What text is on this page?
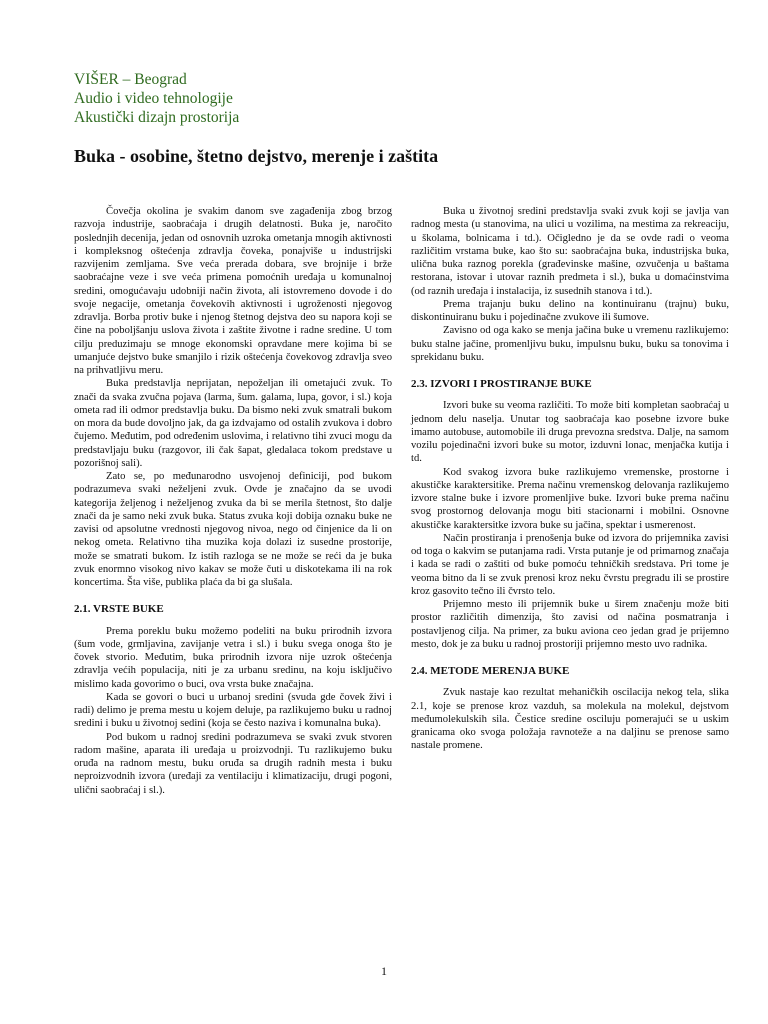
VIŠER – Beograd
Audio i video tehnologije
Akustički dizajn prostorija
Buka - osobine, štetno dejstvo, merenje i zaštita

Čovečja okolina je svakim danom sve zagađenija zbog brzog razvoja industrije, saobraćaja i drugih delatnosti. Buka je, naročito poslednjih decenija, jedan od osnovnih uzroka ometanja mnogih aktivnosti i kompleksnog oštećenja zdravlja čoveka, ponajviše u industrijski razvijenim zemljama. Sve veća prerada dobara, sve brojnije i brže saobraćajne veze i sve veća primena pomoćnih uređaja u komunalnoj sredini, omogućavaju udobniji način života, ali istovremeno dovode i do svoje negacije, ometanja čovekovih aktivnosti i ugroženosti njegovog zdravlja. Borba protiv buke i njenog štetnog dejstva deo su napora koji se čine na poboljšanju uslova života i zaštite životne i radne sredine. U tom cilju preduzimaju se mnoge ekonomski opravdane mere kojima bi se umanjuće dejstvo buke smanjilo i rizik oštećenja čovekovog zdravlja sveo na prihvatljivu meru.

Buka predstavlja neprijatan, nepoželjan ili ometajući zvuk. To znači da svaka zvučna pojava (larma, šum. galama, lupa, govor, i sl.) koja ometa rad ili odmor predstavlja buku. Da bismo neki zvuk smatrali bukom on mora da bude dovoljno jak, da ga izdvajamo od ostalih zvukova i dobro čujemo. Međutim, pod određenim uslovima, i relativno tihi zvuci mogu da predstavljaju buku (razgovor, ili čak šapat, gledalaca tokom predstave u pozorišnoj sali).

Zato se, po međunarodno usvojenoj definiciji, pod bukom podrazumeva svaki neželjeni zvuk. Ovde je značajno da se uvodi kategorija željenog i neželjenog zvuka da bi se merila štetnost, što dalje znači da je samo neki zvuk buka. Status zvuka koji dobija oznaku buke ne zavisi od apsolutne vrednosti njegovog nivoa, nego od činjenice da li on nekog ometa. Relativno tiha muzika koja dolazi iz susedne prostorije, može se smatrati bukom. Iz istih razloga se ne može se reći da je buka zvuk enormno visokog nivo kakav se može čuti u diskotekama ili na rok koncertima. Šta više, publika plaća da bi ga slušala.

2.1. VRSTE BUKE

Prema poreklu buku možemo podeliti na buku prirodnih izvora (šum vode, grmljavina, zavijanje vetra i sl.) i buku svega onoga što je čovek stvorio. Međutim, buka prirodnih izvora nije uzrok oštećenja zdravlja većih populacija, niti je za urbanu sredinu, na koju isključivo mislimo kada govorimo o buci, ova vrsta buke značajna.

Kada se govori o buci u urbanoj sredini (svuda gde čovek živi i radi) delimo je prema mestu u kojem deluje, pa razlikujemo buku u radnoj sredini i buku u životnoj sedini (koja se često naziva i komunalna buka).

Pod bukom u radnoj sredini podrazumeva se svaki zvuk stvoren radom mašine, aparata ili uređaja u proizvodnji. Tu razlikujemo buku oruđa na radnom mestu, buku oruđa sa drugih radnih mesta i buku neproizvodnih izvora (uređaji za ventilaciju i klimatizaciju, drugi pogoni, ulični saobraćaj i sl.).

Buka u životnoj sredini predstavlja svaki zvuk koji se javlja van radnog mesta (u stanovima, na ulici u vozilima, na mestima za rekreaciju, u školama, bolnicama i td.). Očigledno je da se ovde radi o veoma različitim vrstama buke, kao što su: saobraćajna buka, industrijska buka, ulična buka raznog porekla (građevinske mašine, ozvučenja u baštama restorana, istovar i utovar raznih predmeta i sl.), buka u domaćinstvima (od raznih uređaja i instalacija, iz susednih stanova i td.).

Prema trajanju buku delino na kontinuiranu (trajnu) buku, diskontinuiranu buku i pojedinačne zvukove ili šumove.

Zavisno od oga kako se menja jačina buke u vremenu razlikujemo: buku stalne jačine, promenljivu buku, impulsnu buku, buku sa tonovima i sprekidanu buku.

2.3. IZVORI I PROSTIRANJE BUKE

Izvori buke su veoma različiti. To može biti kompletan saobraćaj u jednom delu naselja. Unutar tog saobraćaja kao posebne izvore buke imamo autobuse, automobile ili druga prevozna sredstva. Dalje, na samom vozilu pojedinačni izvori buke su motor, izduvni lonac, menjačka kutija i td.

Kod svakog izvora buke razlikujemo vremenske, prostorne i akustičke karaktersitike. Prema načinu vremenskog delovanja razlikujemo izvore stalne buke i izvore promenljive buke. Izvori buke prema načinu svog prostornog delovanja mogu biti stacionarni i mobilni. Osnovne akustičke karaktersitke izvora buke su jačina, spektar i usmerenost.

Način prostiranja i prenošenja buke od izvora do prijemnika zavisi od toga o kakvim se putanjama radi. Vrsta putanje je od primarnog značaja i kada se radi o zaštiti od buke pomoću tehničkih sredstava. Pri tome je veoma bitno da li se zvuk prenosi kroz neku čvrstu pregradu ili se prostire kroz gasovito tečno ili čvrsto telo.

Prijemno mesto ili prijemnik buke u širem značenju može biti prostor različitih dimenzija, što zavisi od načina posmatranja i postavljenog cilja. Na primer, za buku aviona ceo jedan grad je prijemno mesto, dok je za buku u radnoj prostoriji prijemno mesto uvo radnika.

2.4. METODE MERENJA BUKE

Zvuk nastaje kao rezultat mehaničkih oscilacija nekog tela, slika 2.1, koje se prenose kroz vazduh, sa molekula na molekul, dejstvom međumolekulskih sila. Čestice sredine osciluju pomerajući se u uskim granicama oko svoga položaja ravnoteže a na daljinu se prenose samo nastale promene.

1
